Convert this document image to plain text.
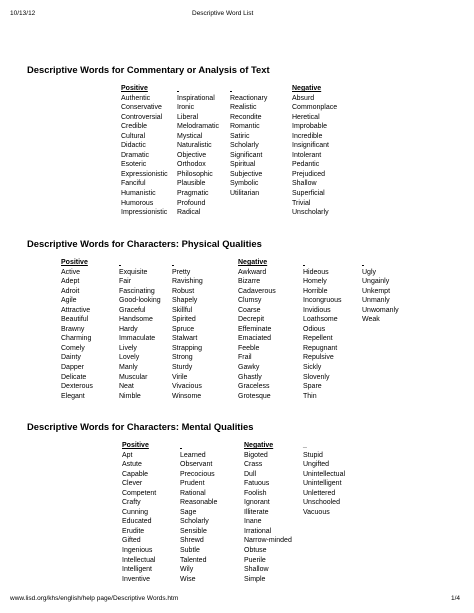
10/13/12	Descriptive Word List
Descriptive Words for Commentary or Analysis of Text
Positive
Authentic
Conservative
Controversial
Credible
Cultural
Didactic
Dramatic
Esoteric
Expressionistic
Fanciful
Humanistic
Humorous
Impressionistic

Inspirational
Ironic
Liberal
Melodramatic
Mystical
Naturalistic
Objective
Orthodox
Philosophic
Plausible
Pragmatic
Profound
Radical

Reactionary
Realistic
Recondite
Romantic
Satiric
Scholarly
Significant
Spiritual
Subjective
Symbolic
Utilitarian
Negative
Absurd
Commonplace
Heretical
Improbable
Incredible
Insignificant
Intolerant
Pedantic
Prejudiced
Shallow
Superficial
Trivial
Unscholarly
Descriptive Words for Characters: Physical Qualities
Positive
Active
Adept
Adroit
Agile
Attractive
Beautiful
Brawny
Charming
Comely
Dainty
Dapper
Delicate
Dexterous
Elegant

Exquisite
Fair
Fascinating
Good-looking
Graceful
Handsome
Hardy
Immaculate
Lively
Lovely
Manly
Muscular
Neat
Nimble

Pretty
Ravishing
Robust
Shapely
Skillful
Spirited
Spruce
Stalwart
Strapping
Strong
Sturdy
Virile
Vivacious
Winsome
Negative
Awkward
Bizarre
Cadaverous
Clumsy
Coarse
Decrepit
Effeminate
Emaciated
Feeble
Frail
Gawky
Ghastly
Graceless
Grotesque

Hideous
Homely
Horrible
Incongruous
Invidious
Loathsome
Odious
Repellent
Repugnant
Repulsive
Sickly
Slovenly
Spare
Thin

Ugly
Ungainly
Unkempt
Unmanly
Unwomanly
Weak
Descriptive Words for Characters: Mental Qualities
Positive
Apt
Astute
Capable
Clever
Competent
Crafty
Cunning
Educated
Erudite
Gifted
Ingenious
Intellectual
Intelligent
Inventive

Learned
Observant
Precocious
Prudent
Rational
Reasonable
Sage
Scholarly
Sensible
Shrewd
Subtle
Talented
Wily
Wise
Negative
Bigoted
Crass
Dull
Fatuous
Foolish
Ignorant
Illiterate
Inane
Irrational
Narrow-minded
Obtuse
Puerile
Shallow
Simple
_
Stupid
Ungifted
Unintellectual
Unintelligent
Unlettered
Unschooled
Vacuous
www.lisd.org/khs/english/help page/Descriptive Words.htm	1/4
